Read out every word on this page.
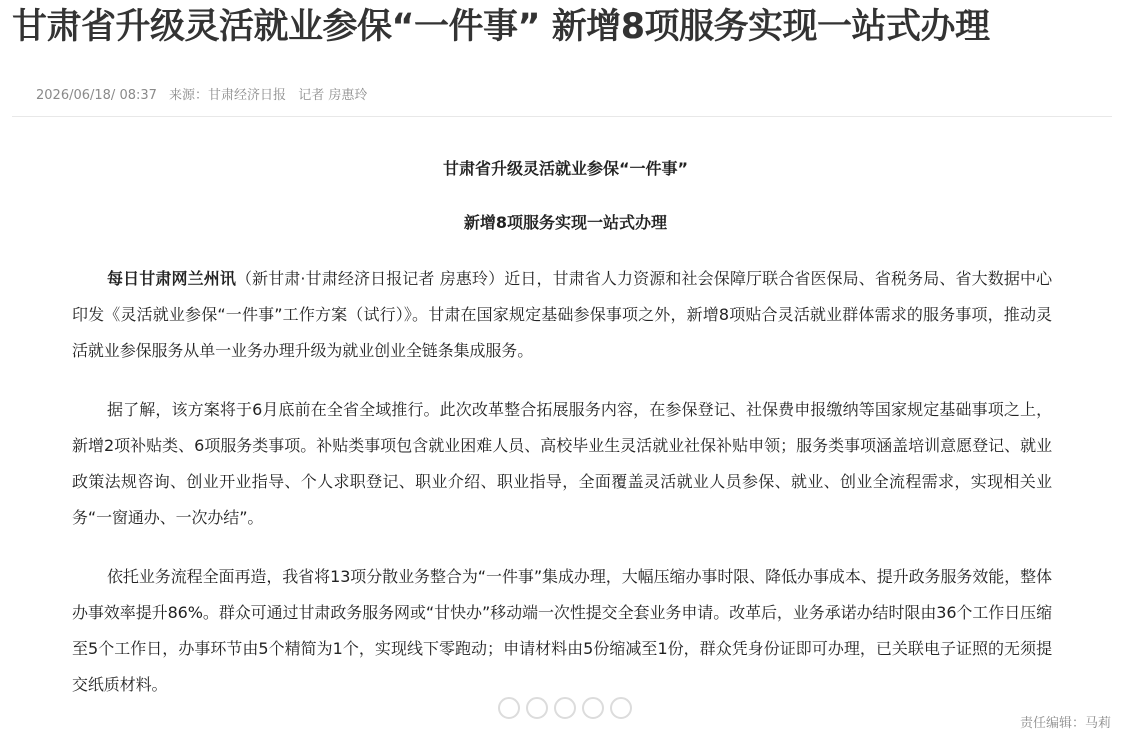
甘肃省升级灵活就业参保“一件事” 新增8项服务实现一站式办理
2026/06/18/ 08:37 来源：甘肃经济日报 记者 房惠玲
甘肃省升级灵活就业参保“一件事”
新增8项服务实现一站式办理

每日甘肃网兰州讯（新甘肃·甘肃经济日报记者 房惠玲）近日，甘肃省人力资源和社会保障厅联合省医保局、省税务局、省大数据中心印发《灵活就业参保“一件事”工作方案（试行）》。甘肃在国家规定基础参保事项之外，新增8项贴合灵活就业群体需求的服务事项，推动灵活就业参保服务从单一业务办理升级为就业创业全链条集成服务。

据了解，该方案将于6月底前在全省全域推行。此次改革整合拓展服务内容，在参保登记、社保费申报缴纳等国家规定基础事项之上，新增2项补贴类、6项服务类事项。补贴类事项包含就业困难人员、高校毕业生灵活就业社保补贴申领；服务类事项涵盖培训意愿登记、就业政策法规咨询、创业开业指导、个人求职登记、职业介绍、职业指导，全面覆盖灵活就业人员参保、就业、创业全流程需求，实现相关业务“一窗通办、一次办结”。

依托业务流程全面再造，我省将13项分散业务整合为“一件事”集成办理，大幅压缩办事时限、降低办事成本、提升政务服务效能，整体办事效率提升86%。群众可通过甘肃政务服务网或“甘快办”移动端一次性提交全套业务申请。改革后，业务承诺办结时限由36个工作日压缩至5个工作日，办事环节由5个精简为1个，实现线下零跑动；申请材料由5份缩减至1份，群众凭身份证即可办理，已关联电子证照的无须提交纸质材料。

责任编辑：马莉
